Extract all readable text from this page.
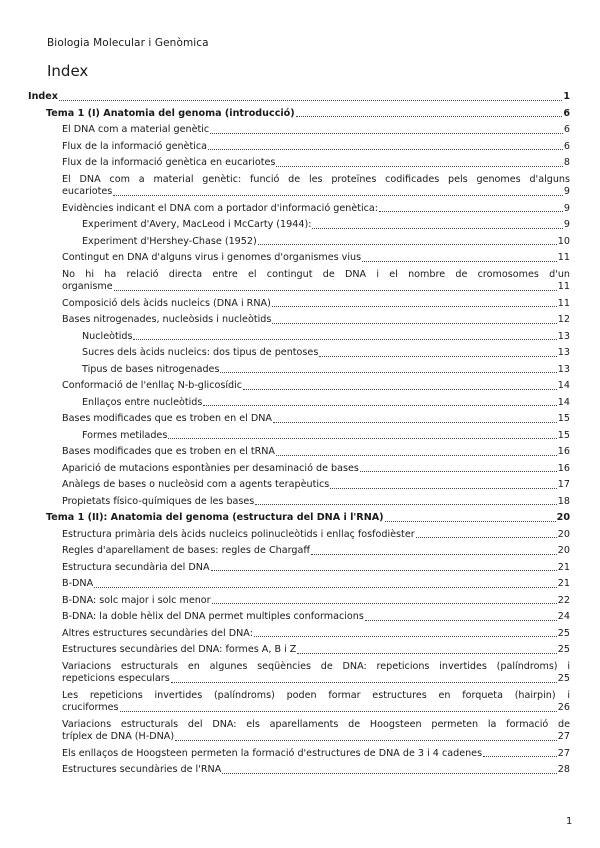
Biologia Molecular i Genòmica
Index
Index	1
Tema 1 (I) Anatomia del genoma (introducció)	6
El DNA com a material genètic	6
Flux de la informació genètica	6
Flux de la informació genètica en eucariotes	8
El DNA com a material genètic: funció de les proteïnes codificades pels genomes d'alguns
eucariotes	9
Evidències indicant el DNA com a portador d'informació genètica:	9
Experiment d'Avery, MacLeod i McCarty (1944):	9
Experiment d'Hershey-Chase (1952)	10
Contingut en DNA d'alguns virus i genomes d'organismes vius	11
No hi ha relació directa entre el contingut de DNA i el nombre de cromosomes d'un
organisme	11
Composició dels àcids nucleics (DNA i RNA)	11
Bases nitrogenades, nucleòsids i nucleòtids	12
Nucleòtids	13
Sucres dels àcids nucleics: dos tipus de pentoses	13
Tipus de bases nitrogenades	13
Conformació de l'enllaç N-b-glicosídic	14
Enllaços entre nucleòtids	14
Bases modificades que es troben en el DNA	15
Formes metilades	15
Bases modificades que es troben en el tRNA	16
Aparició de mutacions espontànies per desaminació de bases	16
Anàlegs de bases o nucleòsid com a agents terapèutics	17
Propietats físico-químiques de les bases	18
Tema 1 (II): Anatomia del genoma (estructura del DNA i l'RNA)	20
Estructura primària dels àcids nucleics polinucleòtids i enllaç fosfodièster	20
Regles d'aparellament de bases: regles de Chargaff	20
Estructura secundària del DNA	21
B-DNA	21
B-DNA: solc major i solc menor	22
B-DNA: la doble hèlix del DNA permet multiples conformacions	24
Altres estructures secundàries del DNA:	25
Estructures secundàries del DNA: formes A, B i Z	25
Variacions estructurals en algunes seqüències de DNA: repeticions invertides (palíndroms) i
repeticions especulars	25
Les repeticions invertides (palíndroms) poden formar estructures en forqueta (hairpin) i
cruciformes	26
Variacions estructurals del DNA: els aparellaments de Hoogsteen permeten la formació de
tríplex de DNA (H-DNA)	27
Els enllaços de Hoogsteen permeten la formació d'estructures de DNA de 3 i 4 cadenes	27
Estructures secundàries de l'RNA	28
1
